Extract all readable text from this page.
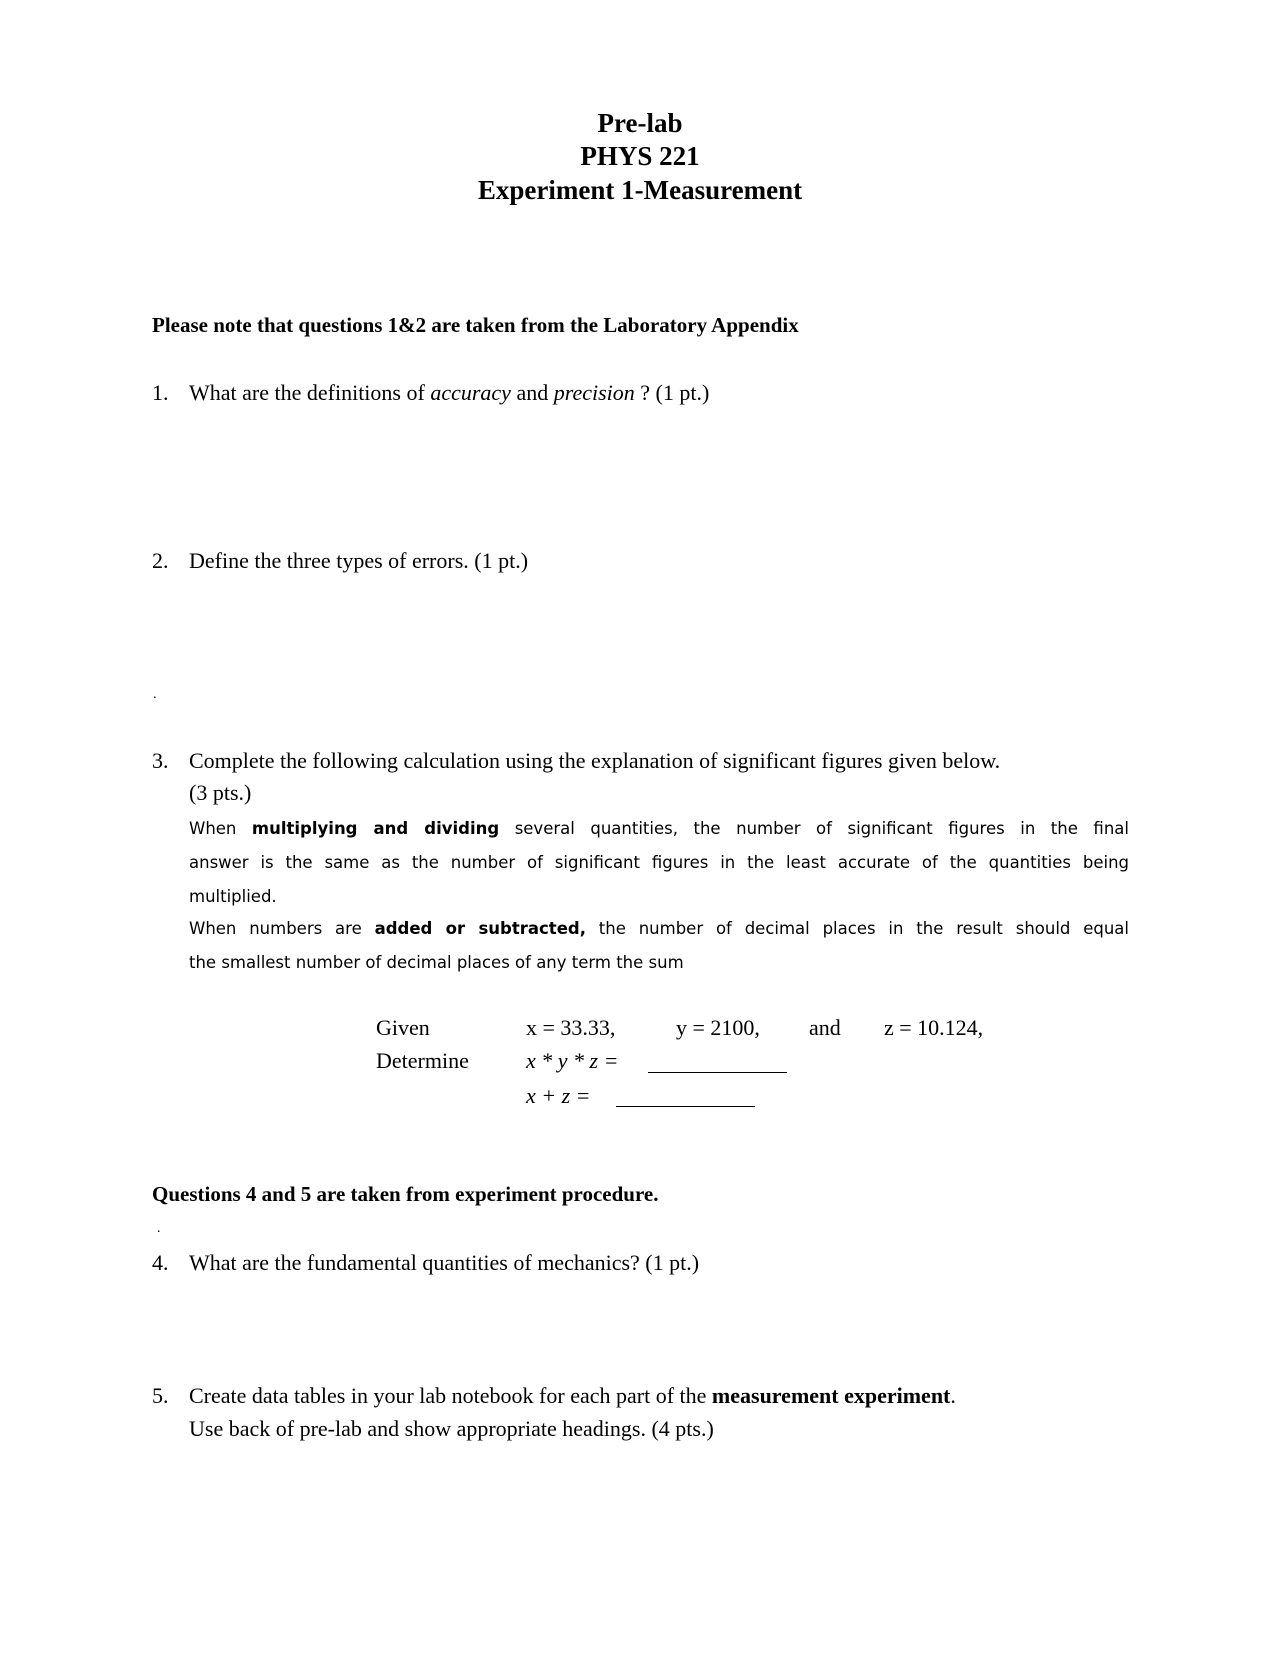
Pre-lab
PHYS 221
Experiment 1-Measurement
Please note that questions 1&2 are taken from the Laboratory Appendix
1. What are the definitions of accuracy and precision ? (1 pt.)
2. Define the three types of errors. (1 pt.)
.
3. Complete the following calculation using the explanation of significant figures given below.
(3 pts.)
When multiplying and dividing several quantities, the number of significant figures in the final
answer is the same as the number of significant figures in the least accurate of the quantities being
multiplied.
When numbers are added or subtracted, the number of decimal places in the result should equal
the smallest number of decimal places of any term the sum
Given	x = 33.33,	y = 2100, and z = 10.124,
Determine	x * y * z =
x + z =
Questions 4 and 5 are taken from experiment procedure.
.
4. What are the fundamental quantities of mechanics? (1 pt.)
5. Create data tables in your lab notebook for each part of the measurement experiment.
Use back of pre-lab and show appropriate headings. (4 pts.)
